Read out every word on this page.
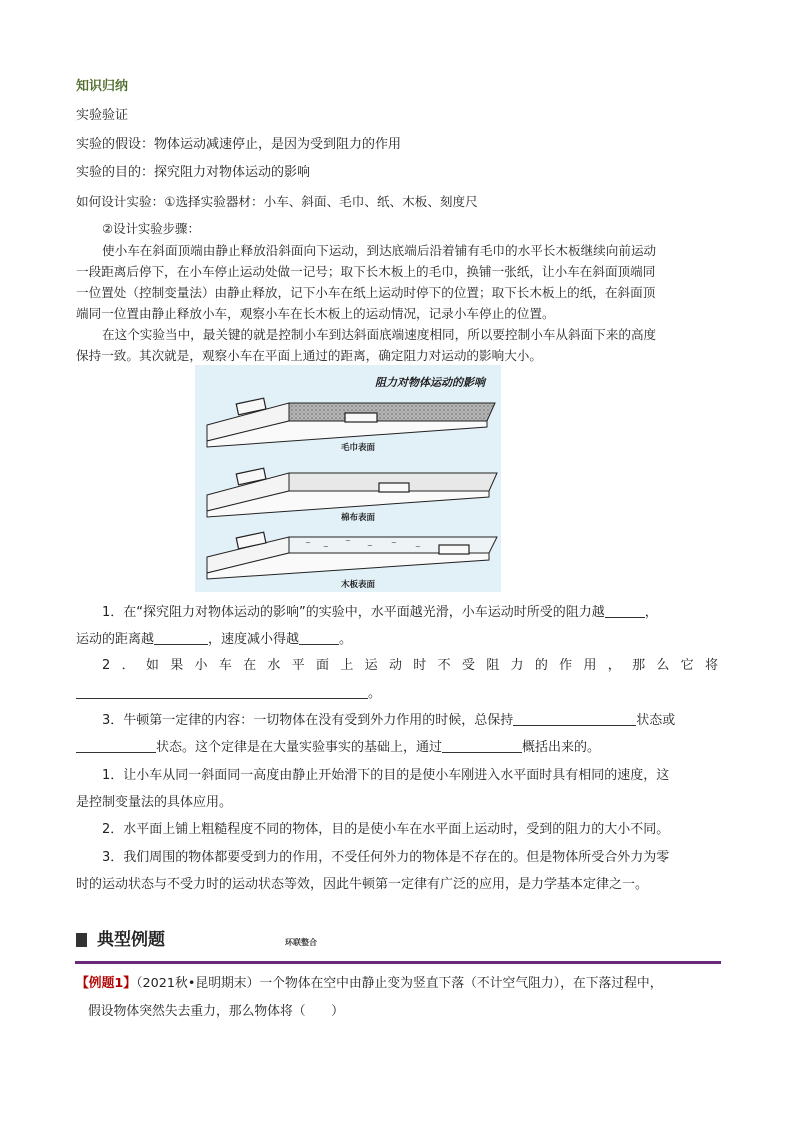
知识归纳
实验验证
实验的假设：物体运动减速停止，是因为受到阻力的作用
实验的目的：探究阻力对物体运动的影响
如何设计实验：①选择实验器材：小车、斜面、毛巾、纸、木板、刻度尺
②设计实验步骤：
使小车在斜面顶端由静止释放沿斜面向下运动，到达底端后沿着铺有毛巾的水平长木板继续向前运动
一段距离后停下，在小车停止运动处做一记号；取下长木板上的毛巾，换铺一张纸，让小车在斜面顶端同
一位置处（控制变量法）由静止释放，记下小车在纸上运动时停下的位置；取下长木板上的纸，在斜面顶
端同一位置由静止释放小车，观察小车在长木板上的运动情况，记录小车停止的位置。
在这个实验当中，最关键的就是控制小车到达斜面底端速度相同，所以要控制小车从斜面下来的高度
保持一致。其次就是，观察小车在平面上通过的距离，确定阻力对运动的影响大小。
阻力对物体运动的影响
毛巾表面
棉布表面
~ ~
~
~	~	~
木板表面
1．在“探究阻力对物体运动的影响”的实验中，水平面越光滑，小车运动时所受的阻力越	，
运动的距离越	，速度减小得越	。
2．如果小车在水平面上运动时不受阻力的作用，那么它将
。
3．牛顿第一定律的内容：一切物体在没有受到外力作用的时候，总保持	状态或
状态。这个定律是在大量实验事实的基础上，通过	概括出来的。
1．让小车从同一斜面同一高度由静止开始滑下的目的是使小车刚进入水平面时具有相同的速度，这
是控制变量法的具体应用。
2．水平面上铺上粗糙程度不同的物体，目的是使小车在水平面上运动时，受到的阻力的大小不同。
3．我们周围的物体都要受到力的作用，不受任何外力的物体是不存在的。但是物体所受合外力为零
时的运动状态与不受力时的运动状态等效，因此牛顿第一定律有广泛的应用，是力学基本定律之一。
典型例题	环联整合
【例题1】（2021秋•昆明期末）一个物体在空中由静止变为竖直下落（不计空气阻力），在下落过程中，
假设物体突然失去重力，那么物体将（　　）
